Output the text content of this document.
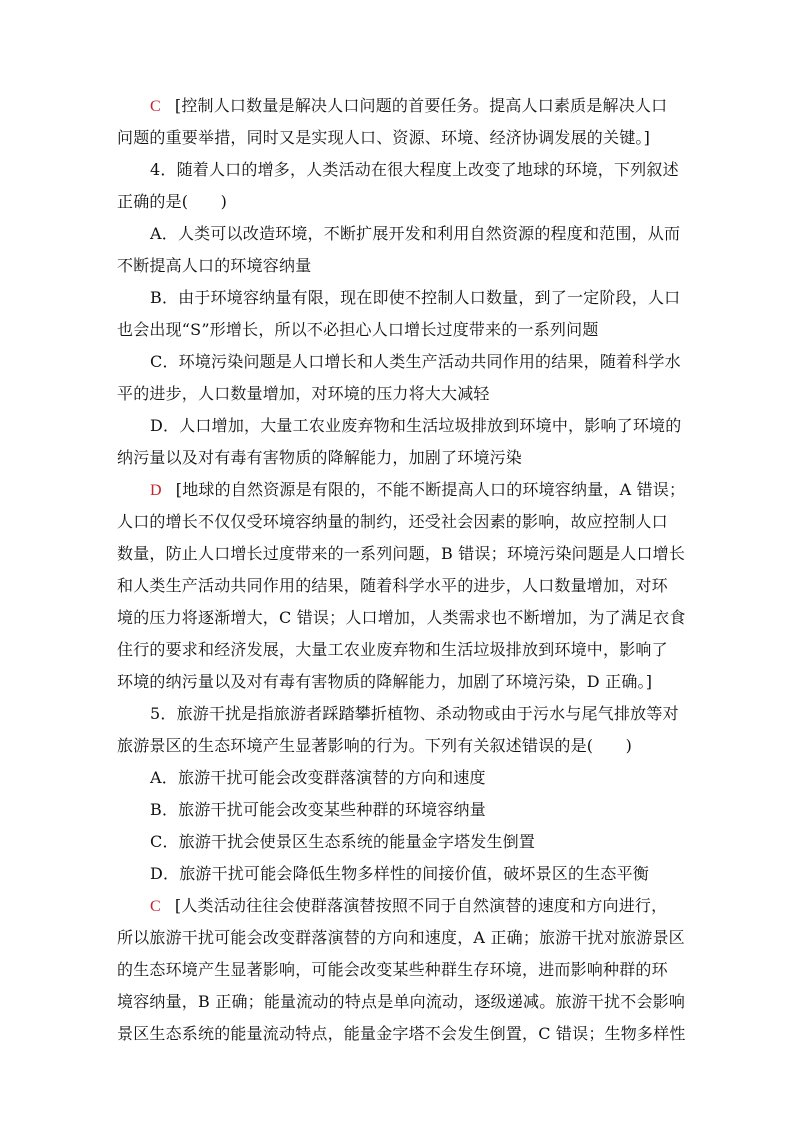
C [控制人口数量是解决人口问题的首要任务。提高人口素质是解决人口
问题的重要举措，同时又是实现人口、资源、环境、经济协调发展的关键。]
4．随着人口的增多，人类活动在很大程度上改变了地球的环境，下列叙述
正确的是(　　)
A．人类可以改造环境，不断扩展开发和利用自然资源的程度和范围，从而
不断提高人口的环境容纳量
B．由于环境容纳量有限，现在即使不控制人口数量，到了一定阶段，人口
也会出现“S”形增长，所以不必担心人口增长过度带来的一系列问题
C．环境污染问题是人口增长和人类生产活动共同作用的结果，随着科学水
平的进步，人口数量增加，对环境的压力将大大减轻
D．人口增加，大量工农业废弃物和生活垃圾排放到环境中，影响了环境的
纳污量以及对有毒有害物质的降解能力，加剧了环境污染
D [地球的自然资源是有限的，不能不断提高人口的环境容纳量，A 错误；
人口的增长不仅仅受环境容纳量的制约，还受社会因素的影响，故应控制人口
数量，防止人口增长过度带来的一系列问题，B 错误；环境污染问题是人口增长
和人类生产活动共同作用的结果，随着科学水平的进步，人口数量增加，对环
境的压力将逐渐增大，C 错误；人口增加，人类需求也不断增加，为了满足衣食
住行的要求和经济发展，大量工农业废弃物和生活垃圾排放到环境中，影响了
环境的纳污量以及对有毒有害物质的降解能力，加剧了环境污染，D 正确。]
5．旅游干扰是指旅游者踩踏攀折植物、杀动物或由于污水与尾气排放等对
旅游景区的生态环境产生显著影响的行为。下列有关叙述错误的是(　　)
A．旅游干扰可能会改变群落演替的方向和速度
B．旅游干扰可能会改变某些种群的环境容纳量
C．旅游干扰会使景区生态系统的能量金字塔发生倒置
D．旅游干扰可能会降低生物多样性的间接价值，破坏景区的生态平衡
C [人类活动往往会使群落演替按照不同于自然演替的速度和方向进行，
所以旅游干扰可能会改变群落演替的方向和速度，A 正确；旅游干扰对旅游景区
的生态环境产生显著影响，可能会改变某些种群生存环境，进而影响种群的环
境容纳量，B 正确；能量流动的特点是单向流动，逐级递减。旅游干扰不会影响
景区生态系统的能量流动特点，能量金字塔不会发生倒置，C 错误；生物多样性
